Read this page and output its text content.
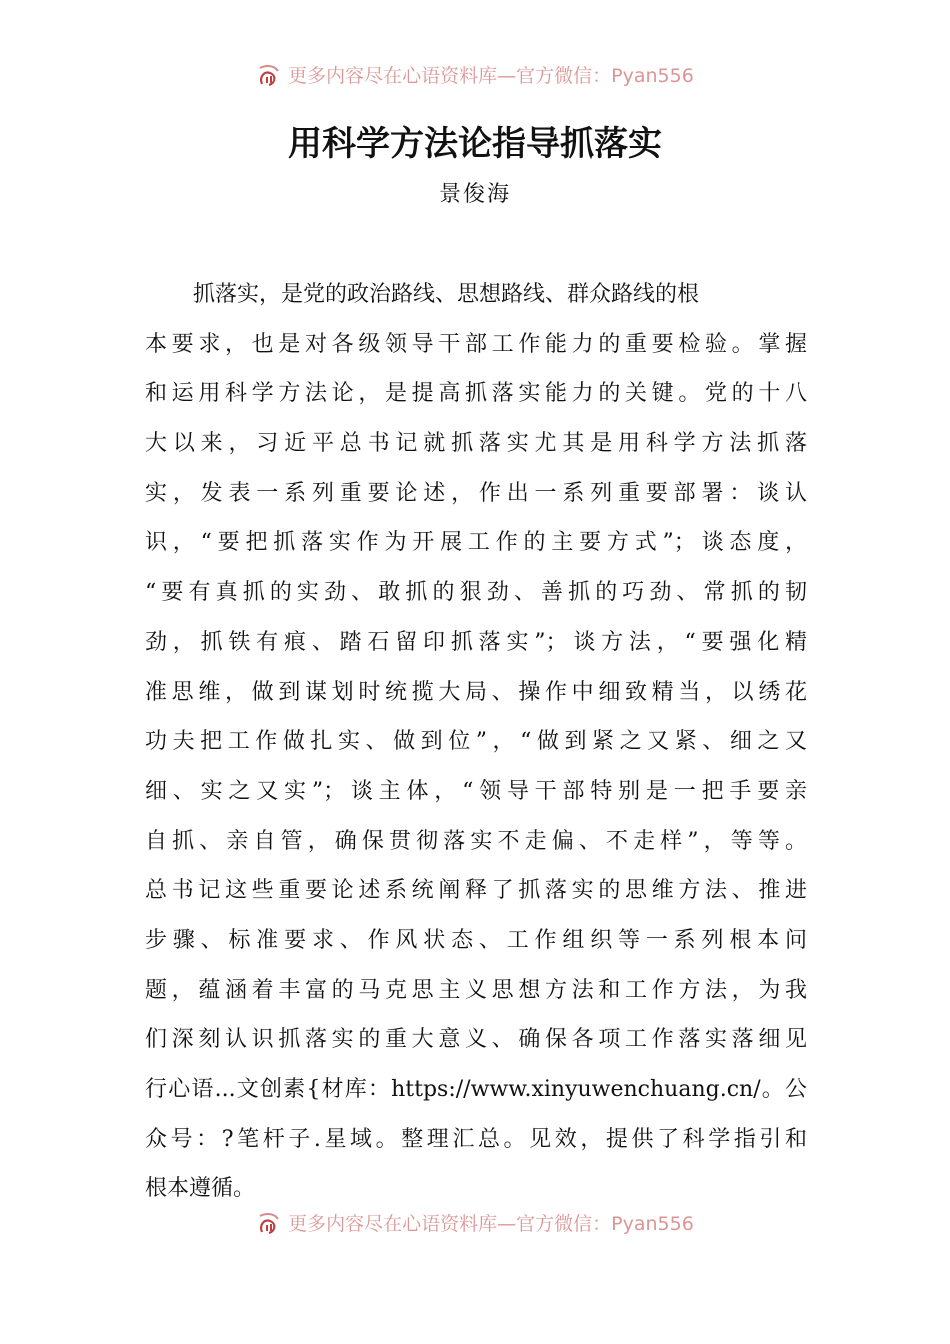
更多内容尽在心语资料库—官方微信：Pyan556
用科学方法论指导抓落实
景俊海
抓落实，是党的政治路线、思想路线、群众路线的根
本要求，也是对各级领导干部工作能力的重要检验。掌握
和运用科学方法论，是提高抓落实能力的关键。党的十八
大以来，习近平总书记就抓落实尤其是用科学方法抓落
实，发表一系列重要论述，作出一系列重要部署：谈认
识，“要把抓落实作为开展工作的主要方式”；谈态度，
“要有真抓的实劲、敢抓的狠劲、善抓的巧劲、常抓的韧
劲，抓铁有痕、踏石留印抓落实”；谈方法，“要强化精
准思维，做到谋划时统揽大局、操作中细致精当，以绣花
功夫把工作做扎实、做到位”，“做到紧之又紧、细之又
细、实之又实”；谈主体，“领导干部特别是一把手要亲
自抓、亲自管，确保贯彻落实不走偏、不走样”，等等。
总书记这些重要论述系统阐释了抓落实的思维方法、推进
步骤、标准要求、作风状态、工作组织等一系列根本问
题，蕴涵着丰富的马克思主义思想方法和工作方法，为我
们深刻认识抓落实的重大意义、确保各项工作落实落细见
行心语...文创素{材库：https://www.xinyuwenchuang.cn/。公
众号：?笔杆子.星域。整理汇总。见效，提供了科学指引和
根本遵循。
更多内容尽在心语资料库—官方微信：Pyan556
